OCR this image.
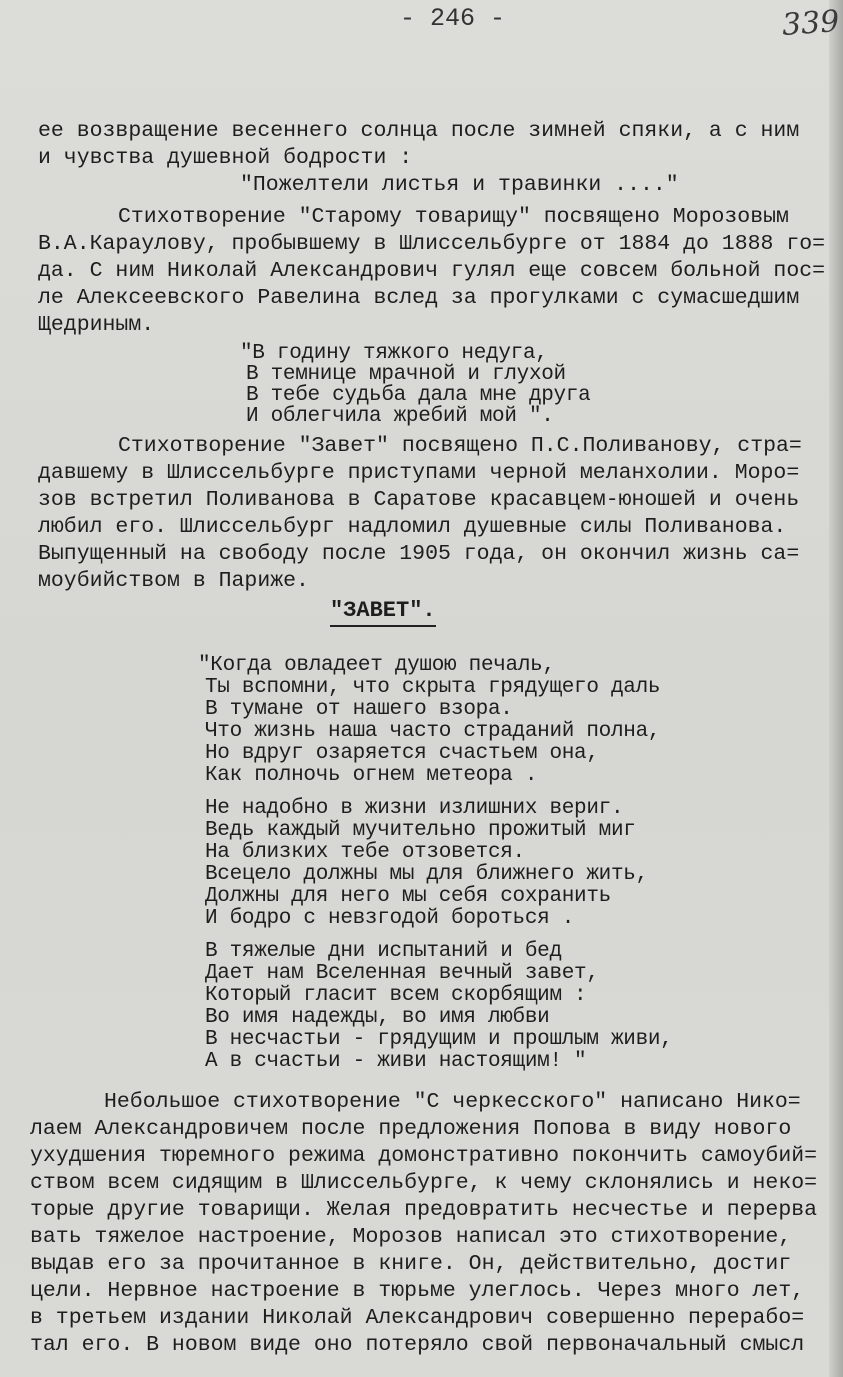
- 246 -	339
ее возвращение весеннего солнца после зимней спяки, а с ним
и чувства душевной бодрости :
"Пожелтели листья и травинки ...."
Стихотворение "Старому товарищу" посвящено Морозовым
В.А.Караулову, пробывшему в Шлиссельбурге от 1884 до 1888 го=
да. С ним Николай Александрович гулял еще совсем больной пос=
ле Алексеевского Равелина вслед за прогулками с сумасшедшим
Щедриным.
"В годину тяжкого недуга,
В темнице мрачной и глухой
В тебе судьба дала мне друга
И облегчила жребий мой ".
Стихотворение "Завет" посвящено П.С.Поливанову, стра=
давшему в Шлиссельбурге приступами черной меланхолии. Моро=
зов встретил Поливанова в Саратове красавцем-юношей и очень
любил его. Шлиссельбург надломил душевные силы Поливанова.
Выпущенный на свободу после 1905 года, он окончил жизнь са=
моубийством в Париже.
"ЗАВЕТ".
"Когда овладеет душою печаль,
Ты вспомни, что скрыта грядущего даль
В тумане от нашего взора.
Что жизнь наша часто страданий полна,
Но вдруг озаряется счастьем она,
Как полночь огнем метеора .
Не надобно в жизни излишних вериг.
Ведь каждый мучительно прожитый миг
На близких тебе отзовется.
Всецело должны мы для ближнего жить,
Должны для него мы себя сохранить
И бодро с невзгодой бороться .
В тяжелые дни испытаний и бед
Дает нам Вселенная вечный завет,
Который гласит всем скорбящим :
Во имя надежды, во имя любви
В несчастьи - грядущим и прошлым живи,
А в счастьи - живи настоящим! "
Небольшое стихотворение "С черкесского" написано Нико=
лаем Александровичем после предложения Попова в виду нового
ухудшения тюремного режима домонстративно покончить самоубий=
ством всем сидящим в Шлиссельбурге, к чему склонялись и неко=
торые другие товарищи. Желая предовратить несчестье и перерва
вать тяжелое настроение, Морозов написал это стихотворение,
выдав его за прочитанное в книге. Он, действительно, достиг
цели. Нервное настроение в тюрьме улеглось. Через много лет,
в третьем издании Николай Александрович совершенно перерабо=
тал его. В новом виде оно потеряло свой первоначальный смысл
